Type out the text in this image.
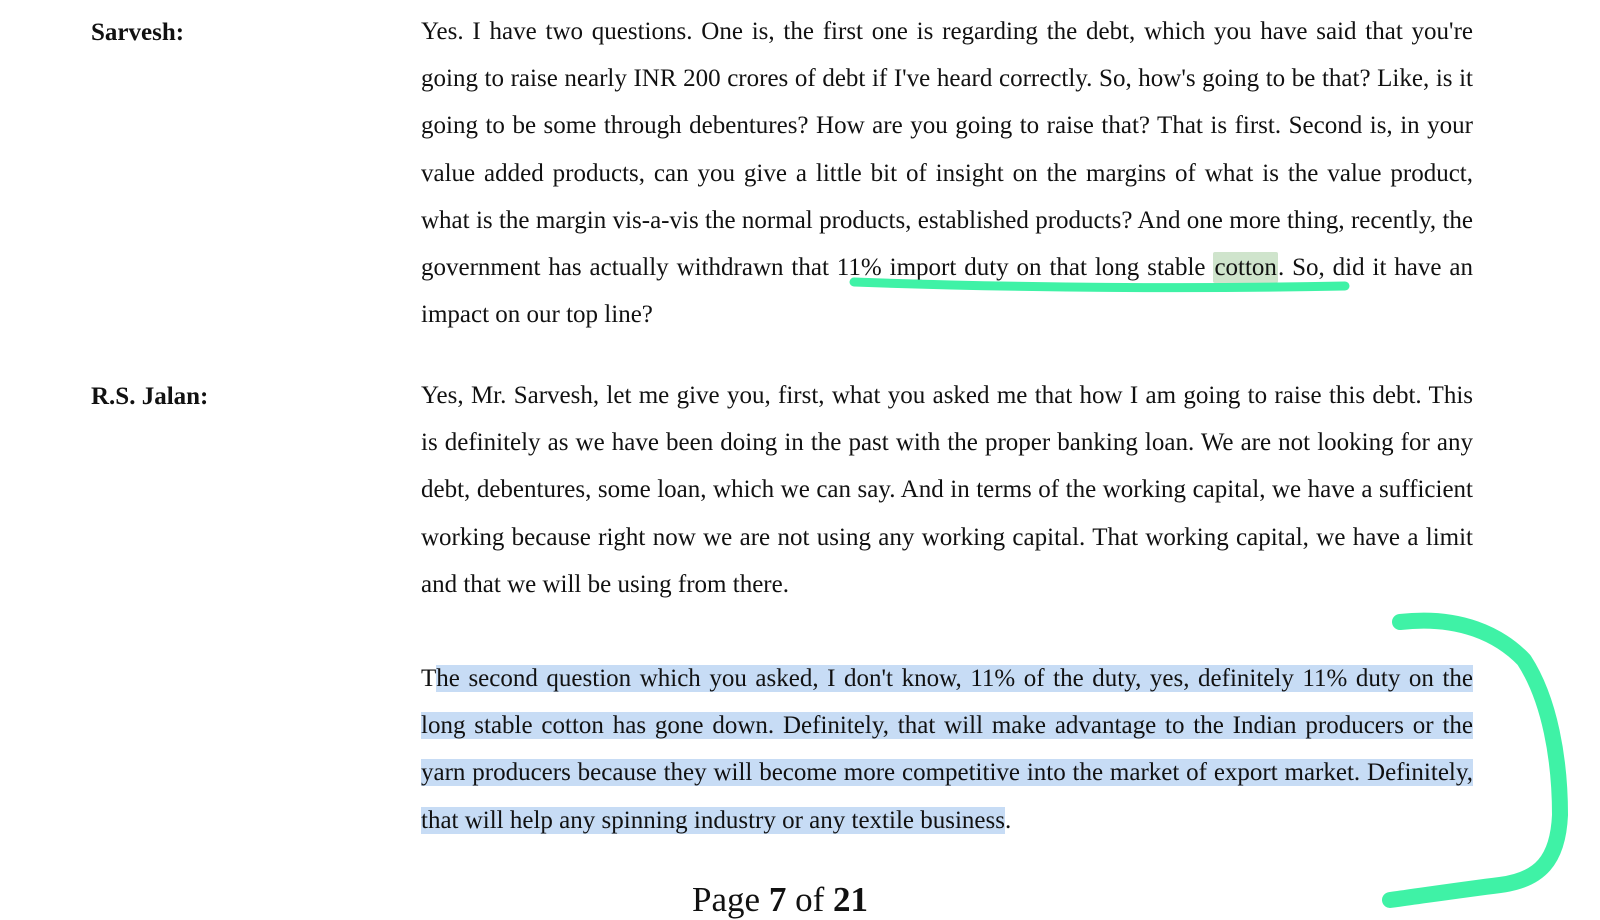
Sarvesh:	Yes. I have two questions. One is, the first one is regarding the debt, which you have said that you're going to raise nearly INR 200 crores of debt if I've heard correctly. So, how's going to be that? Like, is it going to be some through debentures? How are you going to raise that? That is first. Second is, in your value added products, can you give a little bit of insight on the margins of what is the value product, what is the margin vis-a-vis the normal products, established products? And one more thing, recently, the government has actually withdrawn that 11% import duty on that long stable cotton. So, did it have an impact on our top line?
R.S. Jalan:	Yes, Mr. Sarvesh, let me give you, first, what you asked me that how I am going to raise this debt. This is definitely as we have been doing in the past with the proper banking loan. We are not looking for any debt, debentures, some loan, which we can say. And in terms of the working capital, we have a sufficient working because right now we are not using any working capital. That working capital, we have a limit and that we will be using from there.
The second question which you asked, I don't know, 11% of the duty, yes, definitely 11% duty on the long stable cotton has gone down. Definitely, that will make advantage to the Indian producers or the yarn producers because they will become more competitive into the market of export market. Definitely, that will help any spinning industry or any textile business.
Page 7 of 21
